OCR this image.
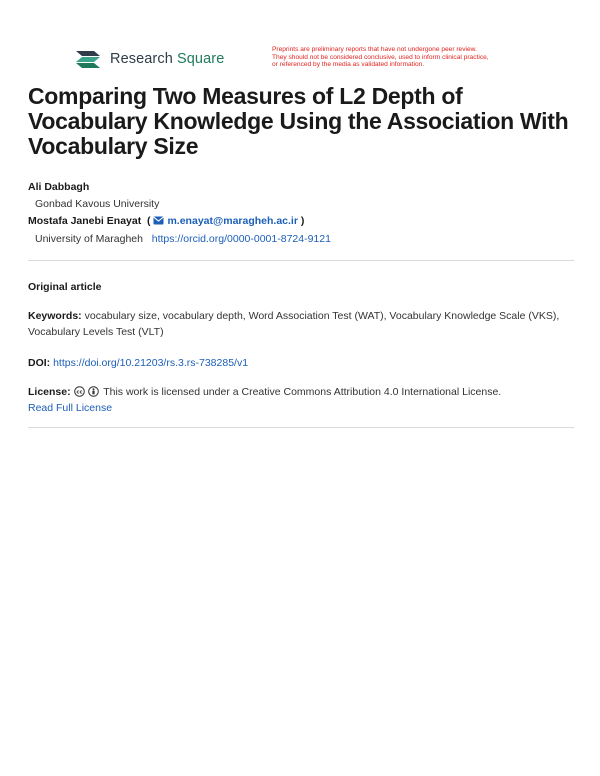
Research Square
Preprints are preliminary reports that have not undergone peer review.
They should not be considered conclusive, used to inform clinical practice,
or referenced by the media as validated information.
Comparing Two Measures of L2 Depth of Vocabulary Knowledge Using the Association With Vocabulary Size
Ali Dabbagh
Gonbad Kavous University
Mostafa Janebi Enayat  ( m.enayat@maragheh.ac.ir )
University of Maragheh https://orcid.org/0000-0001-8724-9121
Original article
Keywords: vocabulary size, vocabulary depth, Word Association Test (WAT), Vocabulary Knowledge Scale (VKS), Vocabulary Levels Test (VLT)
DOI: https://doi.org/10.21203/rs.3.rs-738285/v1
License: cc This work is licensed under a Creative Commons Attribution 4.0 International License.
Read Full License
